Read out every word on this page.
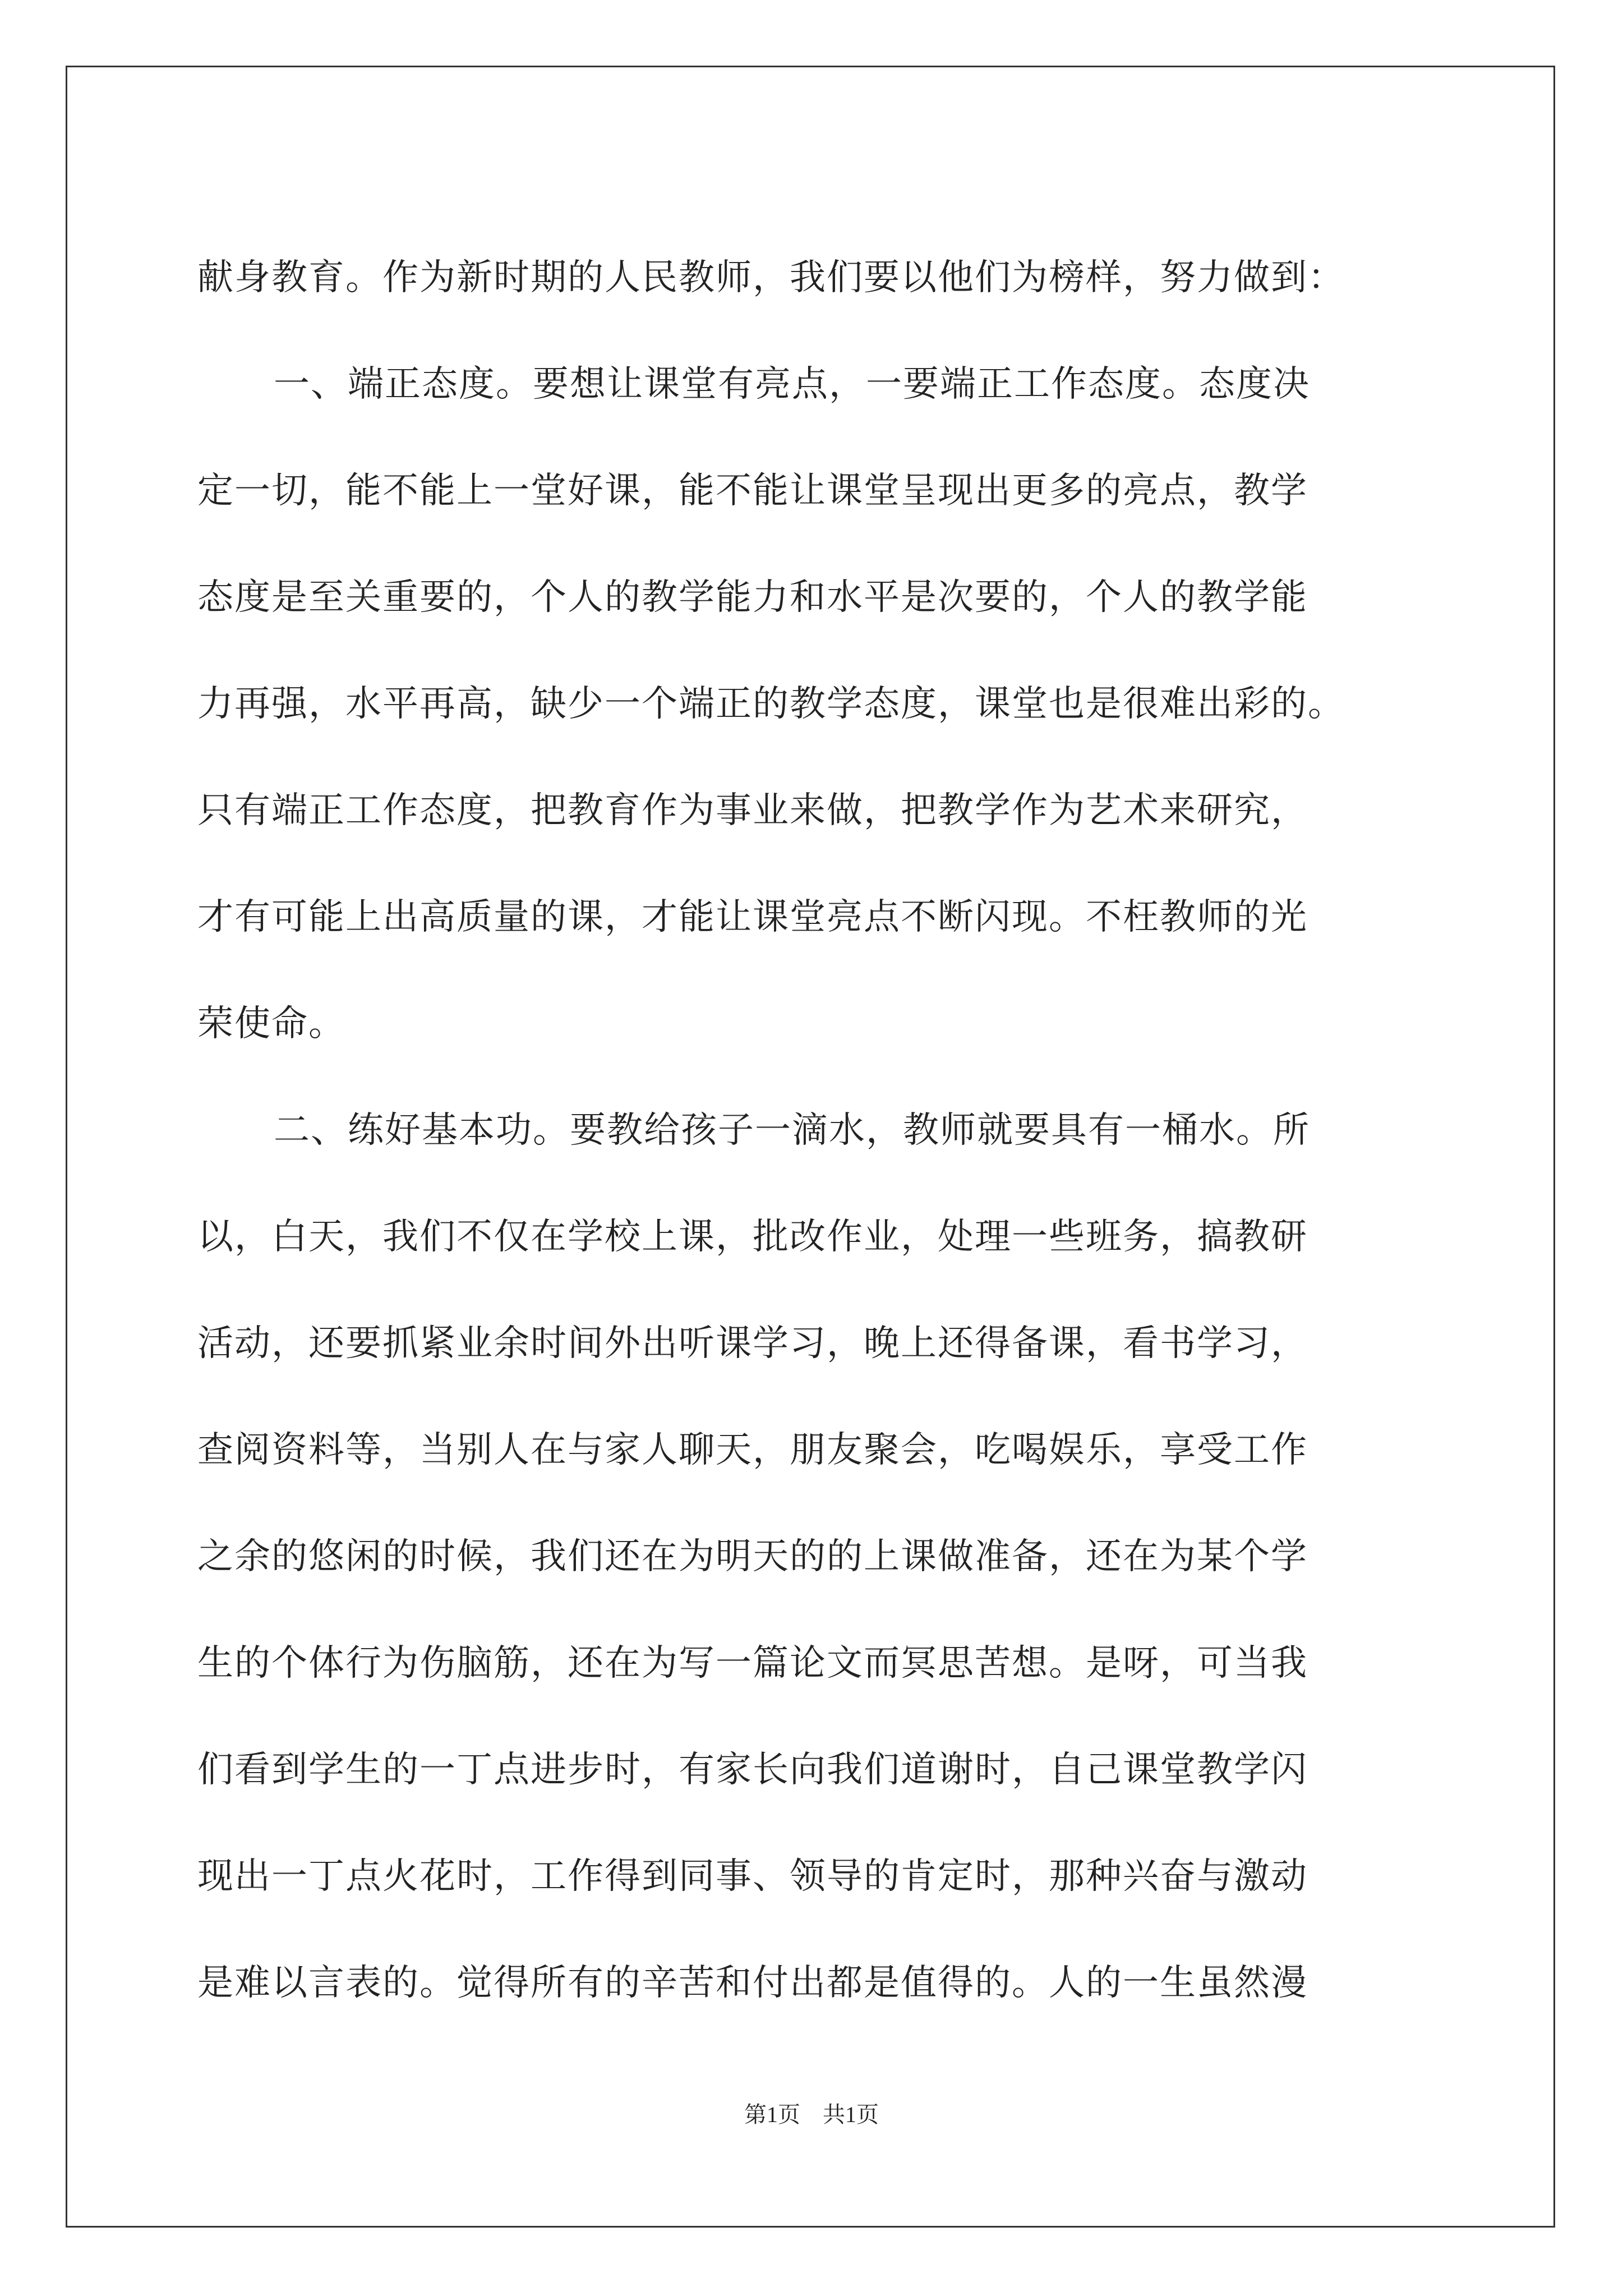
献身教育。作为新时期的人民教师，我们要以他们为榜样，努力做到：
一、端正态度。要想让课堂有亮点，一要端正工作态度。态度决
定一切，能不能上一堂好课，能不能让课堂呈现出更多的亮点，教学
态度是至关重要的，个人的教学能力和水平是次要的，个人的教学能
力再强，水平再高，缺少一个端正的教学态度，课堂也是很难出彩的。
只有端正工作态度，把教育作为事业来做，把教学作为艺术来研究，
才有可能上出高质量的课，才能让课堂亮点不断闪现。不枉教师的光
荣使命。
二、练好基本功。要教给孩子一滴水，教师就要具有一桶水。所
以，白天，我们不仅在学校上课，批改作业，处理一些班务，搞教研
活动，还要抓紧业余时间外出听课学习，晚上还得备课，看书学习，
查阅资料等，当别人在与家人聊天，朋友聚会，吃喝娱乐，享受工作
之余的悠闲的时候，我们还在为明天的的上课做准备，还在为某个学
生的个体行为伤脑筋，还在为写一篇论文而冥思苦想。是呀，可当我
们看到学生的一丁点进步时，有家长向我们道谢时，自己课堂教学闪
现出一丁点火花时，工作得到同事、领导的肯定时，那种兴奋与激动
是难以言表的。觉得所有的辛苦和付出都是值得的。人的一生虽然漫
第1页 共1页
